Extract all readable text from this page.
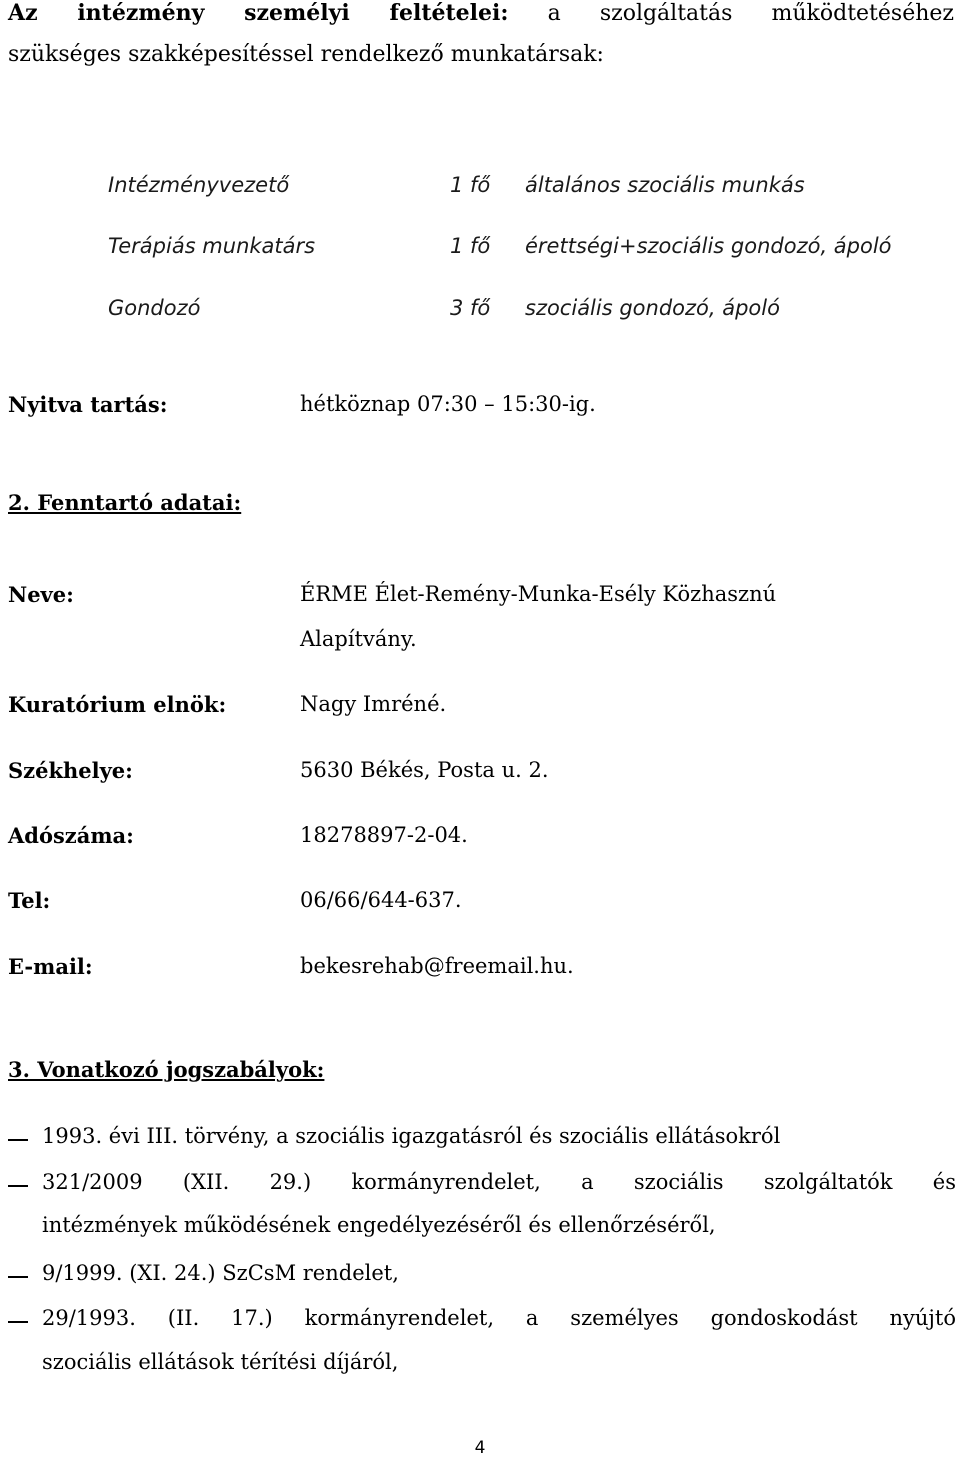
Az intézmény személyi feltételei: a szolgáltatás működtetéséhez
szükséges szakképesítéssel rendelkező munkatársak:
Intézményvezető	1 fő általános szociális munkás
Terápiás munkatárs	1 fő érettségi+szociális gondozó, ápoló
Gondozó	3 fő szociális gondozó, ápoló
Nyitva tartás:	hétköznap 07:30 – 15:30-ig.
2. Fenntartó adatai:
Neve:	ÉRME Élet-Remény-Munka-Esély Közhasznú
Alapítvány.
Kuratórium elnök:	Nagy Imréné.
Székhelye:	5630 Békés, Posta u. 2.
Adószáma:	18278897-2-04.
Tel:	06/66/644-637.
E-mail:	bekesrehab@freemail.hu.
3. Vonatkozó jogszabályok:
1993. évi III. törvény, a szociális igazgatásról és szociális ellátásokról
321/2009 (XII. 29.) kormányrendelet, a szociális szolgáltatók és
intézmények működésének engedélyezéséről és ellenőrzéséről,
9/1999. (XI. 24.) SzCsM rendelet,
29/1993. (II. 17.) kormányrendelet, a személyes gondoskodást nyújtó
szociális ellátások térítési díjáról,
4
